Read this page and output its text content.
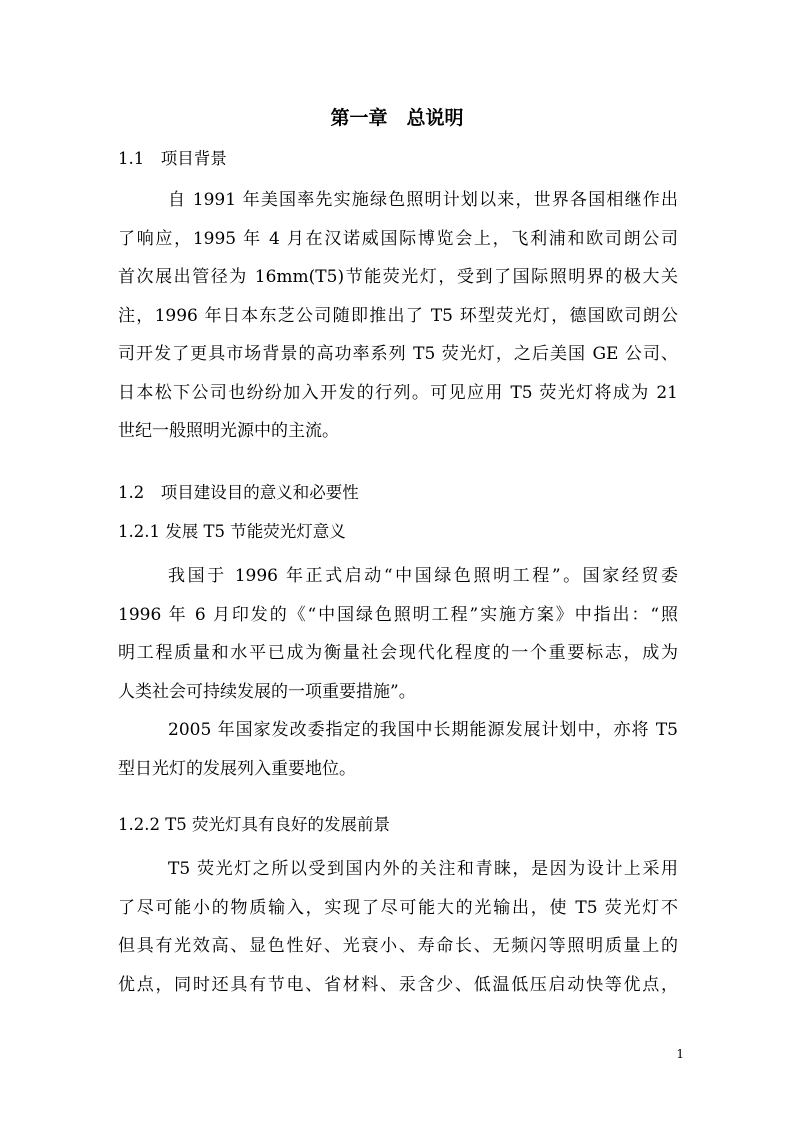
第一章　总说明
1.1　项目背景
自 1991 年美国率先实施绿色照明计划以来，世界各国相继作出
了响应，1995 年 4 月在汉诺威国际博览会上，飞利浦和欧司朗公司
首次展出管径为 16mm(T5)节能荧光灯，受到了国际照明界的极大关
注，1996 年日本东芝公司随即推出了 T5 环型荧光灯，德国欧司朗公
司开发了更具市场背景的高功率系列 T5 荧光灯，之后美国 GE 公司、
日本松下公司也纷纷加入开发的行列。可见应用 T5 荧光灯将成为 21
世纪一般照明光源中的主流。
1.2　项目建设目的意义和必要性
1.2.1 发展 T5 节能荧光灯意义
我国于 1996 年正式启动“中国绿色照明工程”。国家经贸委
1996 年 6 月印发的《“中国绿色照明工程”实施方案》中指出：“照
明工程质量和水平已成为衡量社会现代化程度的一个重要标志，成为
人类社会可持续发展的一项重要措施”。
2005 年国家发改委指定的我国中长期能源发展计划中，亦将 T5
型日光灯的发展列入重要地位。
1.2.2 T5 荧光灯具有良好的发展前景
T5 荧光灯之所以受到国内外的关注和青睐，是因为设计上采用
了尽可能小的物质输入，实现了尽可能大的光输出，使 T5 荧光灯不
但具有光效高、显色性好、光衰小、寿命长、无频闪等照明质量上的
优点，同时还具有节电、省材料、汞含少、低温低压启动快等优点，
1
